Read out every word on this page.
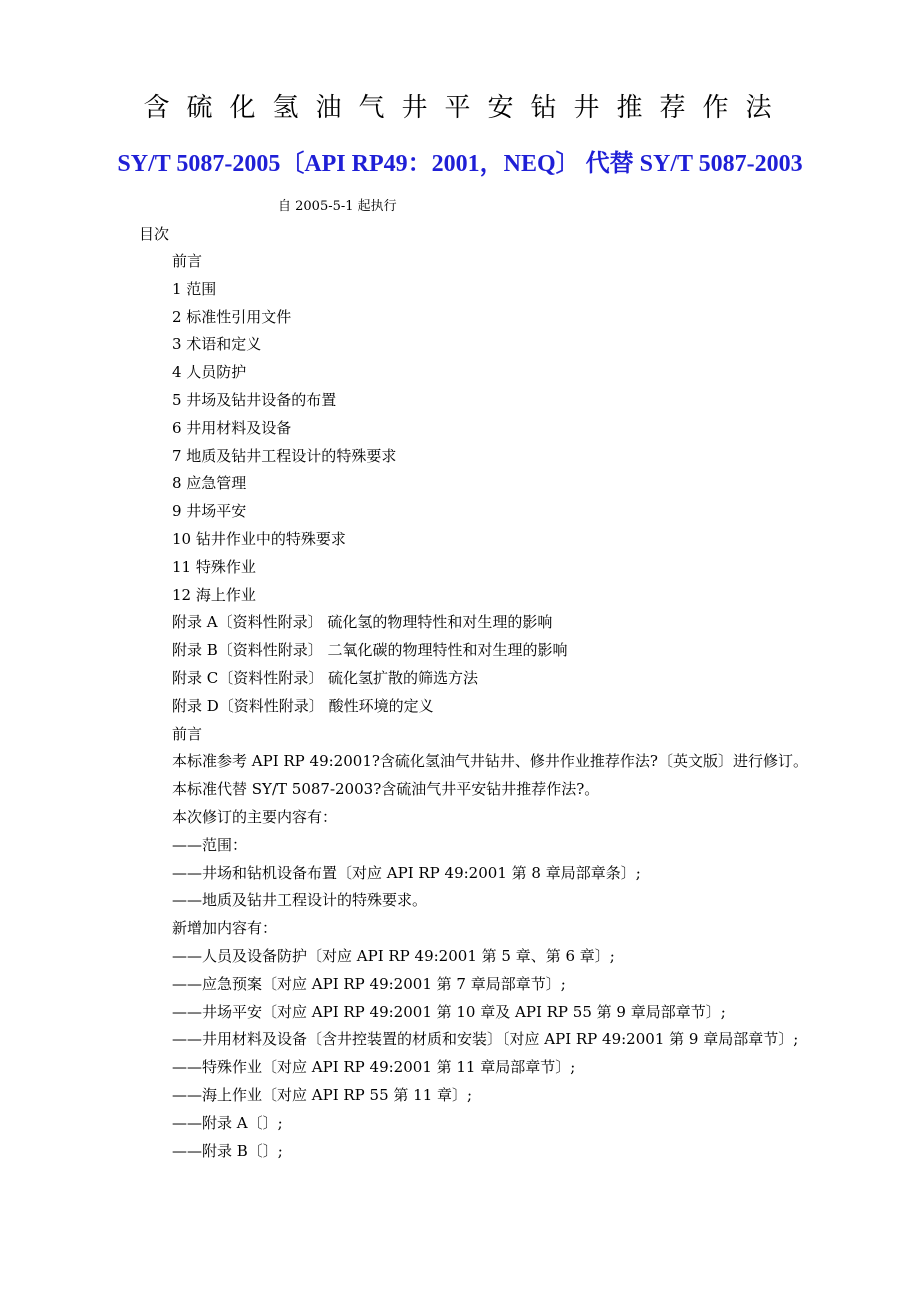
含硫化氢油气井平安钻井推荐作法
SY/T 5087-2005〔API RP49：2001，NEQ〕 代替 SY/T 5087-2003
自 2005-5-1 起执行
目次
前言
1 范围
2 标准性引用文件
3 术语和定义
4 人员防护
5 井场及钻井设备的布置
6 井用材料及设备
7 地质及钻井工程设计的特殊要求
8 应急管理
9 井场平安
10 钻井作业中的特殊要求
11 特殊作业
12 海上作业
附录 A〔资料性附录〕 硫化氢的物理特性和对生理的影响
附录 B〔资料性附录〕 二氧化碳的物理特性和对生理的影响
附录 C〔资料性附录〕 硫化氢扩散的筛选方法
附录 D〔资料性附录〕 酸性环境的定义
前言
本标准参考 API RP 49:2001?含硫化氢油气井钻井、修井作业推荐作法?〔英文版〕进行修订。
本标准代替 SY/T 5087-2003?含硫油气井平安钻井推荐作法?。
本次修订的主要内容有：
——范围：
——井场和钻机设备布置〔对应 API RP 49:2001 第 8 章局部章条〕;
——地质及钻井工程设计的特殊要求。
新增加内容有：
——人员及设备防护〔对应 API RP 49:2001 第 5 章、第 6 章〕;
——应急预案〔对应 API RP 49:2001 第 7 章局部章节〕;
——井场平安〔对应 API RP 49:2001 第 10 章及 API RP 55 第 9 章局部章节〕;
——井用材料及设备〔含井控装置的材质和安装〕〔对应 API RP 49:2001 第 9 章局部章节〕;
——特殊作业〔对应 API RP 49:2001 第 11 章局部章节〕;
——海上作业〔对应 API RP 55 第 11 章〕;
——附录 A〔〕;
——附录 B〔〕;
